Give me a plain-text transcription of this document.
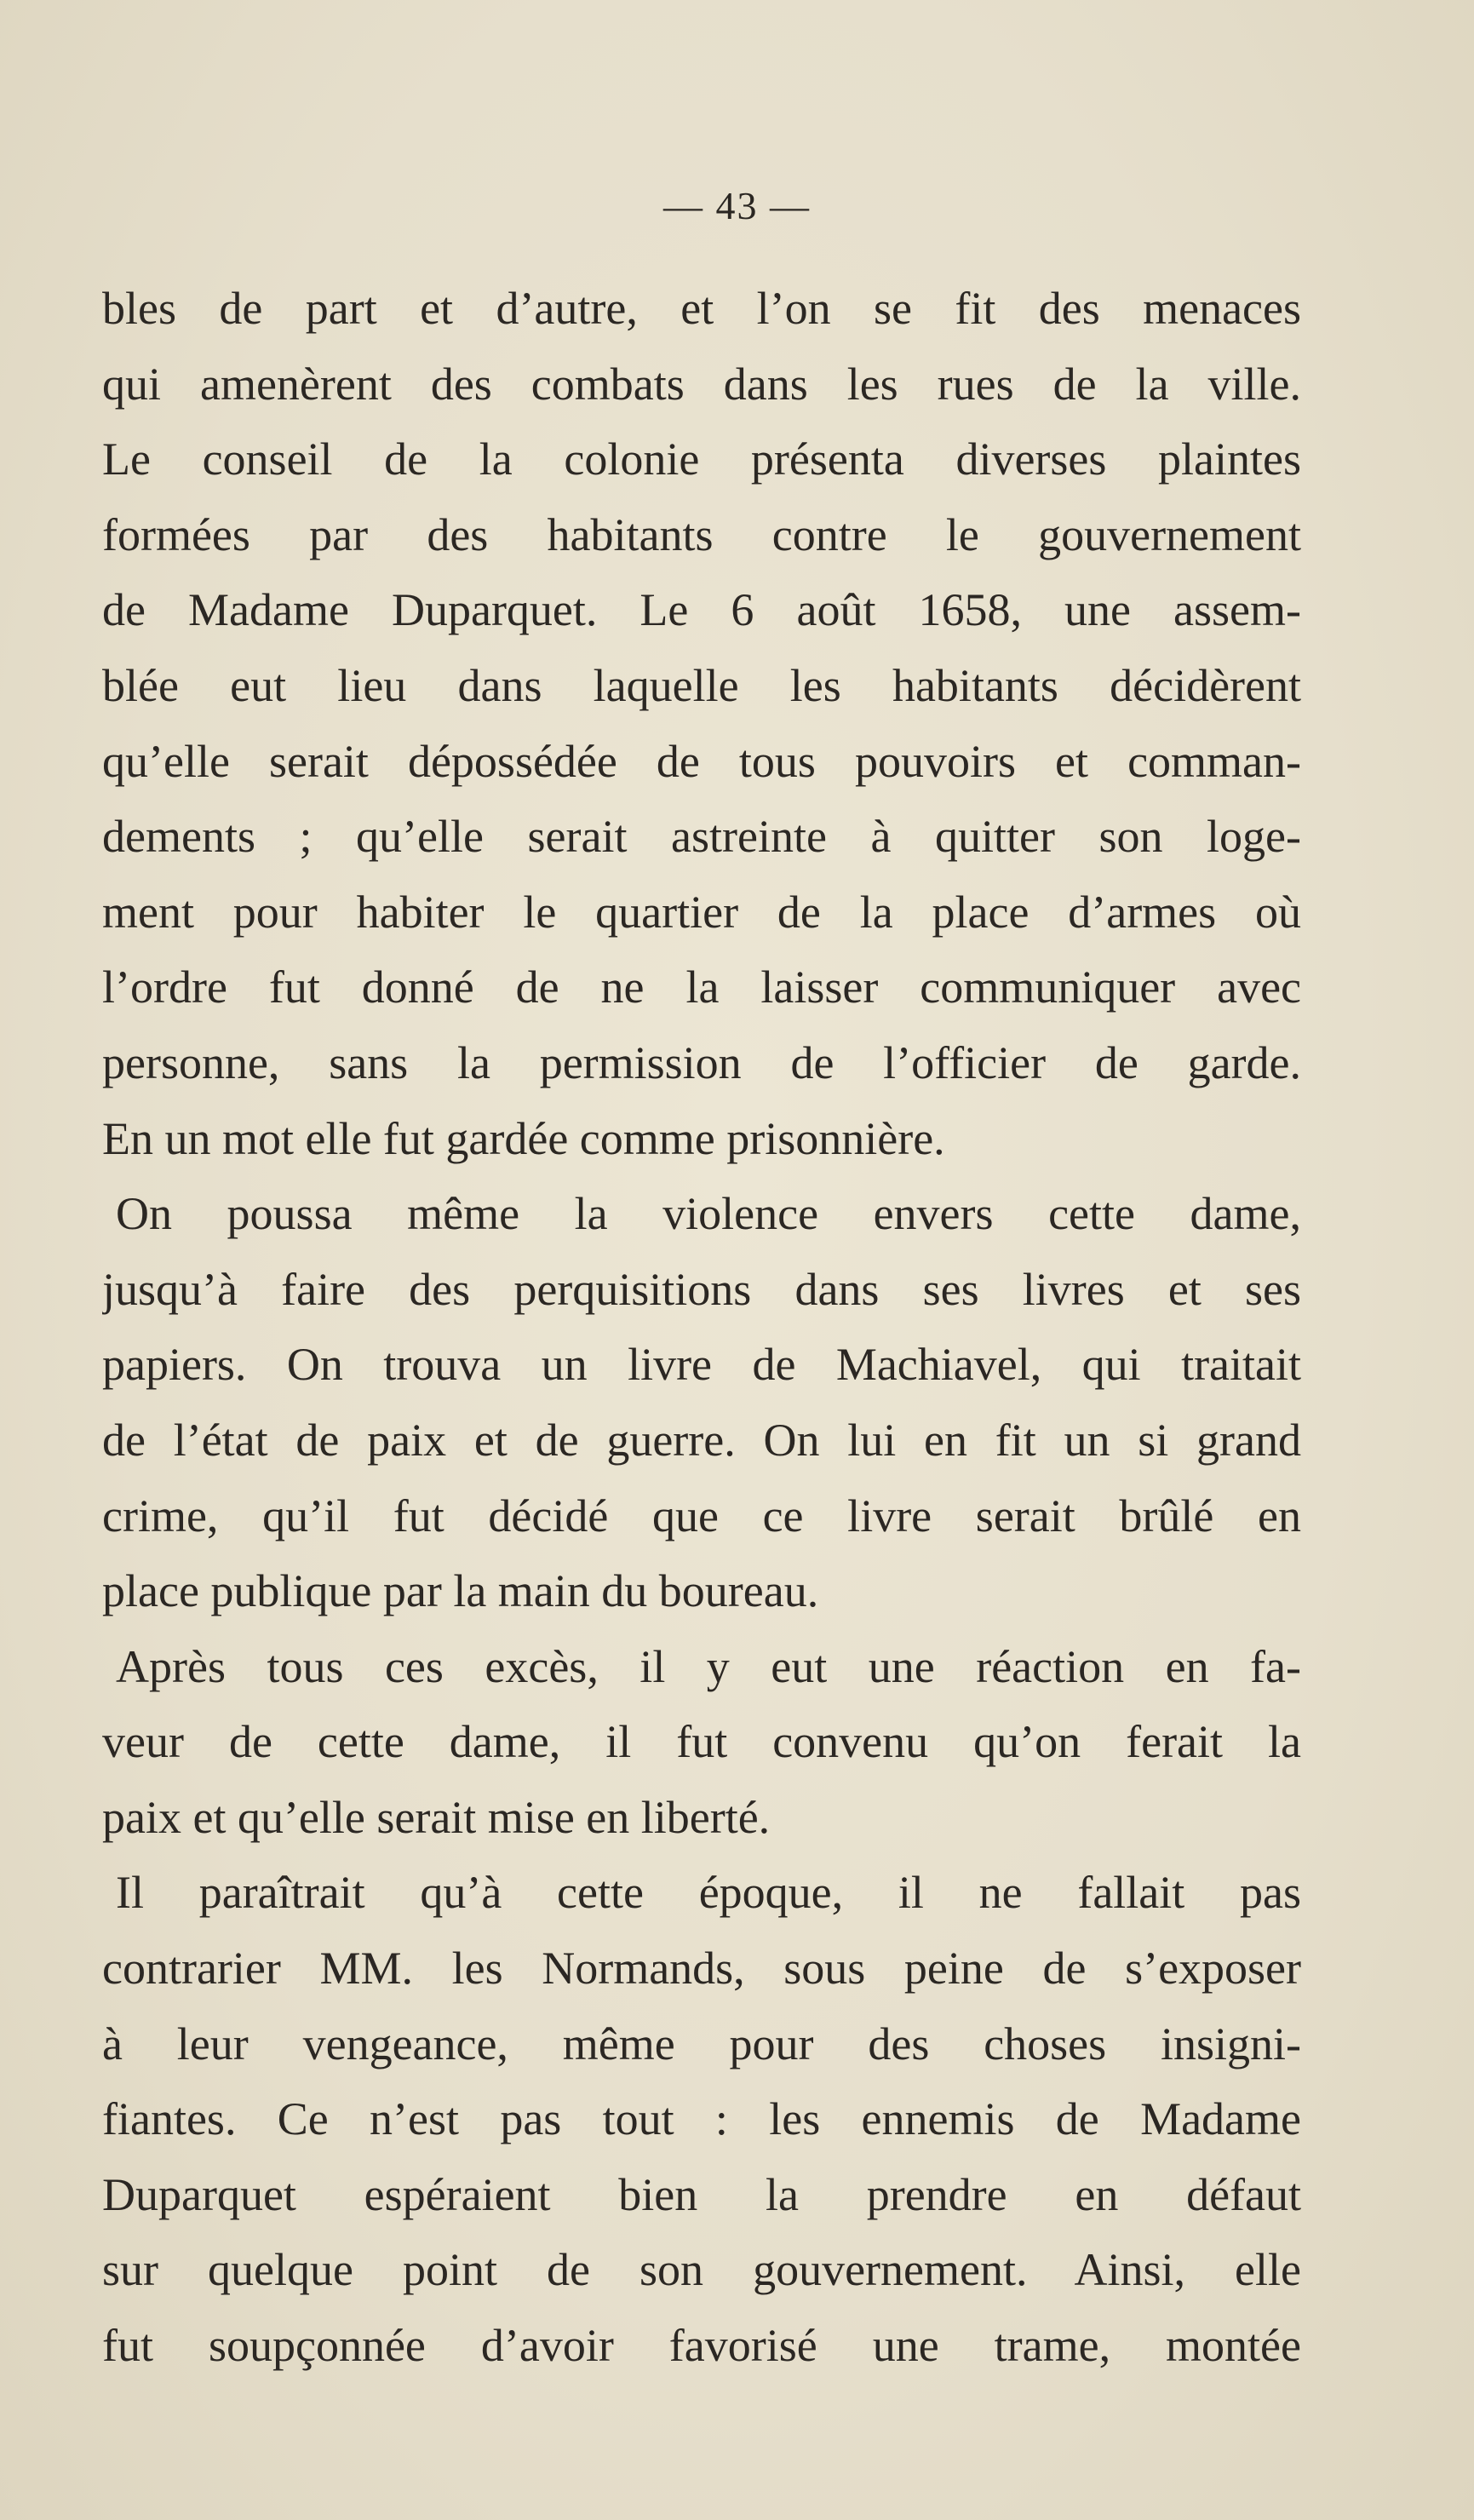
— 43 —
bles de part et d’autre, et l’on se fit des menaces
qui amenèrent des combats dans les rues de la ville.
Le conseil de la colonie présenta diverses plaintes
formées par des habitants contre le gouvernement
de Madame Duparquet. Le 6 août 1658, une assem-
blée eut lieu dans laquelle les habitants décidèrent
qu’elle serait dépossédée de tous pouvoirs et comman-
dements ; qu’elle serait astreinte à quitter son loge-
ment pour habiter le quartier de la place d’armes où
l’ordre fut donné de ne la laisser communiquer avec
personne, sans la permission de l’officier de garde.
En un mot elle fut gardée comme prisonnière.
On poussa même la violence envers cette dame,
jusqu’à faire des perquisitions dans ses livres et ses
papiers. On trouva un livre de Machiavel, qui traitait
de l’état de paix et de guerre. On lui en fit un si grand
crime, qu’il fut décidé que ce livre serait brûlé en
place publique par la main du boureau.
Après tous ces excès, il y eut une réaction en fa-
veur de cette dame, il fut convenu qu’on ferait la
paix et qu’elle serait mise en liberté.
Il paraîtrait qu’à cette époque, il ne fallait pas
contrarier MM. les Normands, sous peine de s’exposer
à leur vengeance, même pour des choses insigni-
fiantes. Ce n’est pas tout : les ennemis de Madame
Duparquet espéraient bien la prendre en défaut
sur quelque point de son gouvernement. Ainsi, elle
fut soupçonnée d’avoir favorisé une trame, montée
